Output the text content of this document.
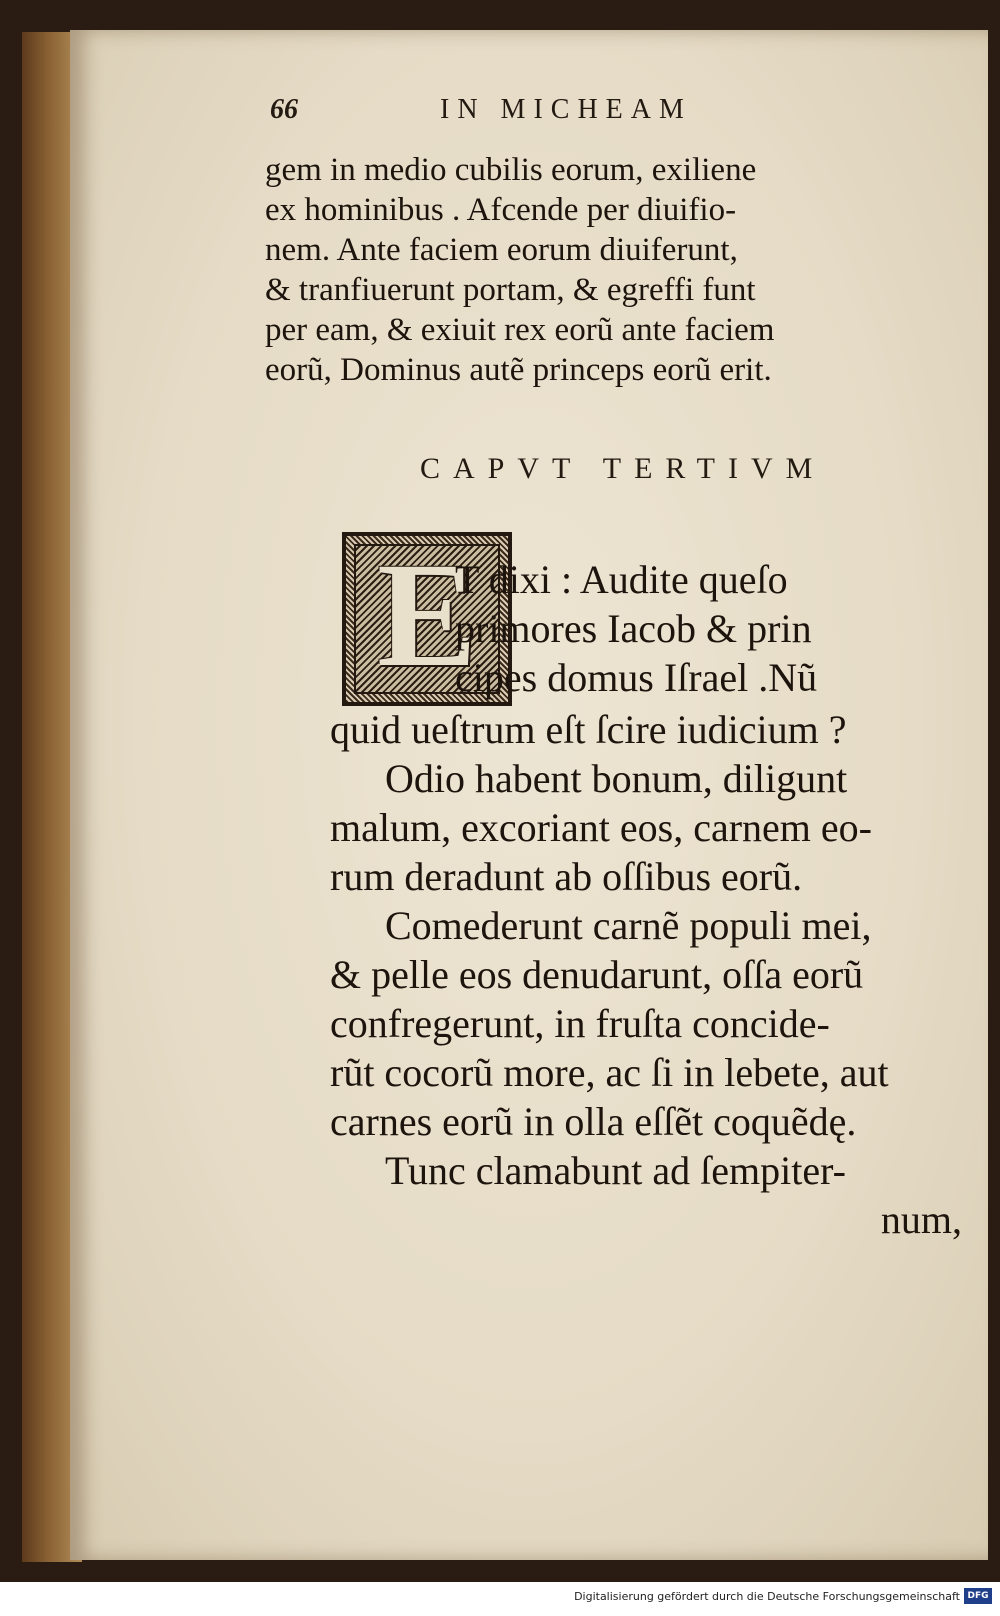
66	IN MICHEAM
gem in medio cubilis eorum, exiliene
ex hominibus . Afcende per diuifio-
nem. Ante faciem eorum diuiferunt,
& tranfiuerunt portam, & egreffi funt
per eam, & exiuit rex eorũ ante faciem
eorũ, Dominus autẽ princeps eorũ erit.
CAPVT TERTIVM
E
T dixi : Audite queſo
primores Iacob & prin
cipes domus Iſrael .Nũ
quid ueſtrum eſt ſcire iudicium ?
Odio habent bonum, diligunt
malum, excoriant eos, carnem eo-
rum deradunt ab oſſibus eorũ.
Comederunt carnẽ populi mei,
& pelle eos denudarunt, oſſa eorũ
confregerunt, in fruſta concide-
rũt cocorũ more, ac ſi in lebete, aut
carnes eorũ in olla eſſẽt coquẽdę.
Tunc clamabunt ad ſempiter-
num,
Digitalisierung gefördert durch die Deutsche Forschungsgemeinschaft DFG
